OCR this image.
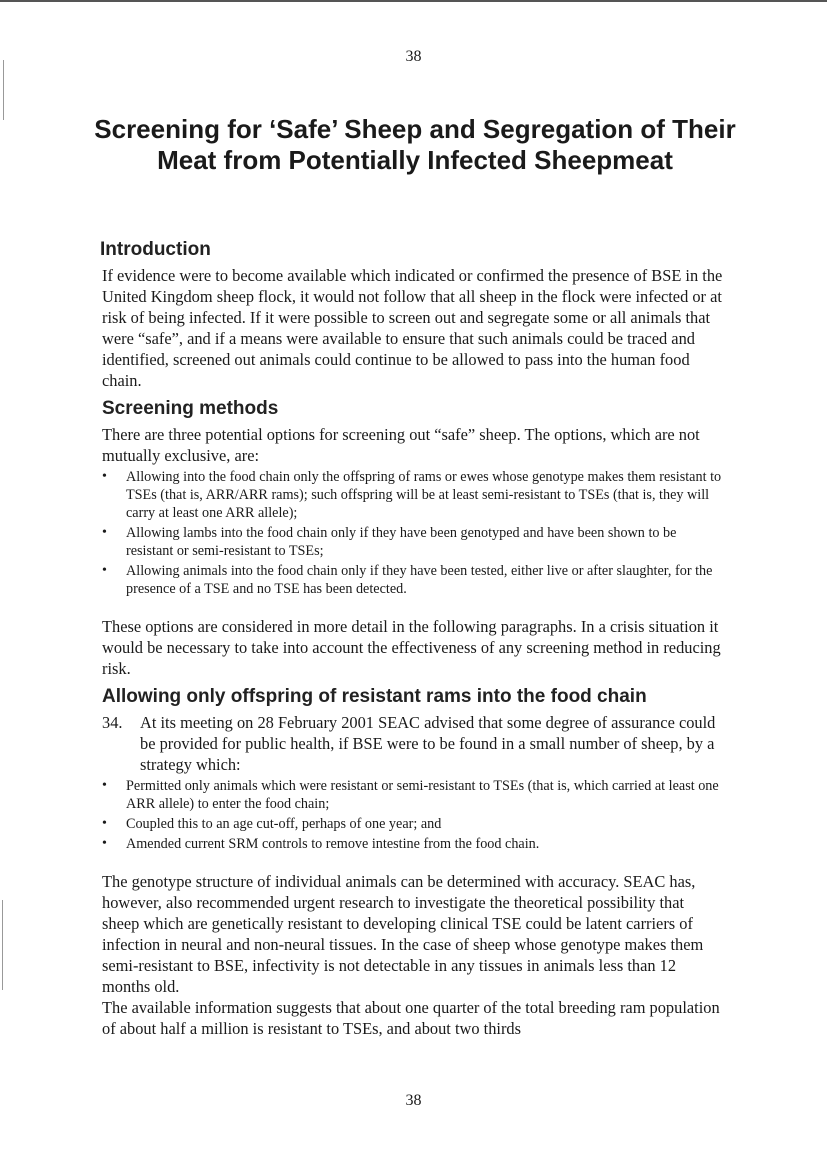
38
Screening for ‘Safe’ Sheep and Segregation of Their Meat from Potentially Infected Sheepmeat
Introduction

If evidence were to become available which indicated or confirmed the presence of BSE in the United Kingdom sheep flock, it would not follow that all sheep in the flock were infected or at risk of being infected. If it were possible to screen out and segregate some or all animals that were “safe”, and if a means were available to ensure that such animals could be traced and identified, screened out animals could continue to be allowed to pass into the human food chain.

Screening methods

There are three potential options for screening out “safe” sheep. The options, which are not mutually exclusive, are:

• Allowing into the food chain only the offspring of rams or ewes whose genotype makes them resistant to TSEs (that is, ARR/ARR rams); such offspring will be at least semi-resistant to TSEs (that is, they will carry at least one ARR allele);
• Allowing lambs into the food chain only if they have been genotyped and have been shown to be resistant or semi-resistant to TSEs;
• Allowing animals into the food chain only if they have been tested, either live or after slaughter, for the presence of a TSE and no TSE has been detected.

These options are considered in more detail in the following paragraphs. In a crisis situation it would be necessary to take into account the effectiveness of any screening method in reducing risk.

Allowing only offspring of resistant rams into the food chain
34.	At its meeting on 28 February 2001 SEAC advised that some degree of assurance could be provided for public health, if BSE were to be found in a small number of sheep, by a strategy which:
• Permitted only animals which were resistant or semi-resistant to TSEs (that is, which carried at least one ARR allele) to enter the food chain;
• Coupled this to an age cut-off, perhaps of one year; and
• Amended current SRM controls to remove intestine from the food chain.

The genotype structure of individual animals can be determined with accuracy. SEAC has, however, also recommended urgent research to investigate the theoretical possibility that sheep which are genetically resistant to developing clinical TSE could be latent carriers of infection in neural and non-neural tissues. In the case of sheep whose genotype makes them semi-resistant to BSE, infectivity is not detectable in any tissues in animals less than 12 months old.

The available information suggests that about one quarter of the total breeding ram population of about half a million is resistant to TSEs, and about two thirds

38
